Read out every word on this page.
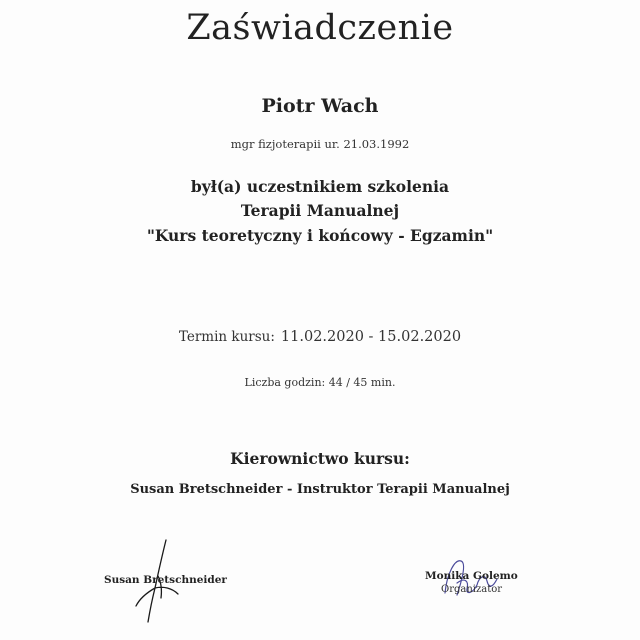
Zaświadczenie
Piotr Wach
mgr fizjoterapii ur. 21.03.1992
był(a) uczestnikiem szkolenia
Terapii Manualnej
"Kurs teoretyczny i końcowy - Egzamin"
Termin kursu: 11.02.2020 - 15.02.2020
Liczba godzin: 44 / 45 min.
Kierownictwo kursu:
Susan Bretschneider - Instruktor Terapii Manualnej
Susan Bretschneider	Monika Golemo
Organizator
